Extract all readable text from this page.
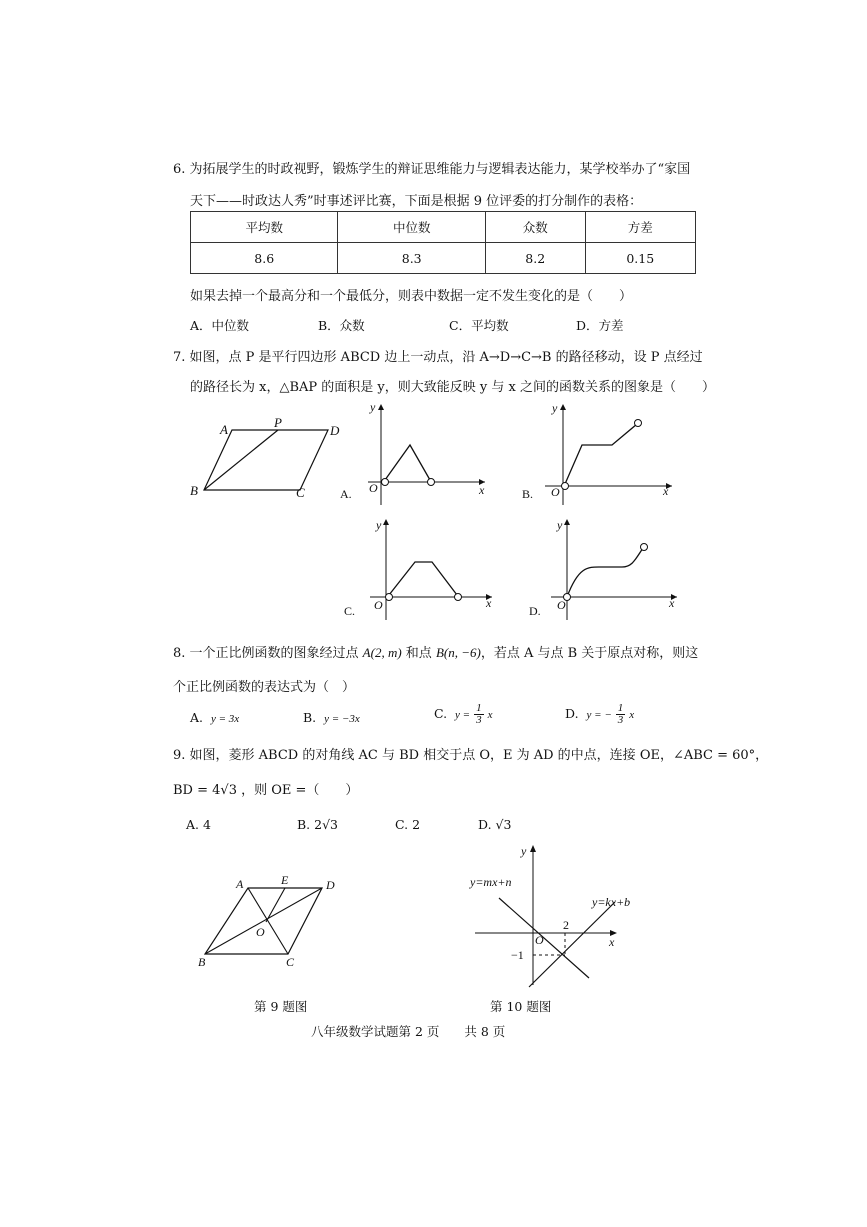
6. 为拓展学生的时政视野，锻炼学生的辩证思维能力与逻辑表达能力，某学校举办了“家国
天下——时政达人秀”时事述评比赛，下面是根据 9 位评委的打分制作的表格：
平均数	中位数	众数	方差
8.6	8.3	8.2	0.15
如果去掉一个最高分和一个最低分，则表中数据一定不发生变化的是（　　）
A．中位数	B．众数	C．平均数	D．方差
7. 如图，点 P 是平行四边形 ABCD 边上一动点，沿 A→D→C→B 的路径移动，设 P 点经过
的路径长为 x，△BAP 的面积是 y，则大致能反映 y 与 x 之间的函数关系的图象是（　　）
A	P
D
B	C
y
x
O
A.
y
x
O
B.
y
x
O
C.
y
x
O
D.
8. 一个正比例函数的图象经过点 A(2, m) 和点 B(n, −6)，若点 A 与点 B 关于原点对称，则这
个正比例函数的表达式为（　）
A. y = 3x	B. y = −3x	C. $y = \frac{1}{3}$ x	D. y = − $\frac{1}{3}$ x
9. 如图，菱形 ABCD 的对角线 AC 与 BD 相交于点 O，E 为 AD 的中点，连接 OE，∠ABC = 60°，
BD = 4√3 ，则 OE =（　　）
A. 4	B. 2√3	C. 2	D. √3
A	E	D
O
B	C
第 9 题图
y
x
O
y=mx+n
y=kx+b
2
−1
第 10 题图
八年级数学试题第 2 页　　共 8 页
